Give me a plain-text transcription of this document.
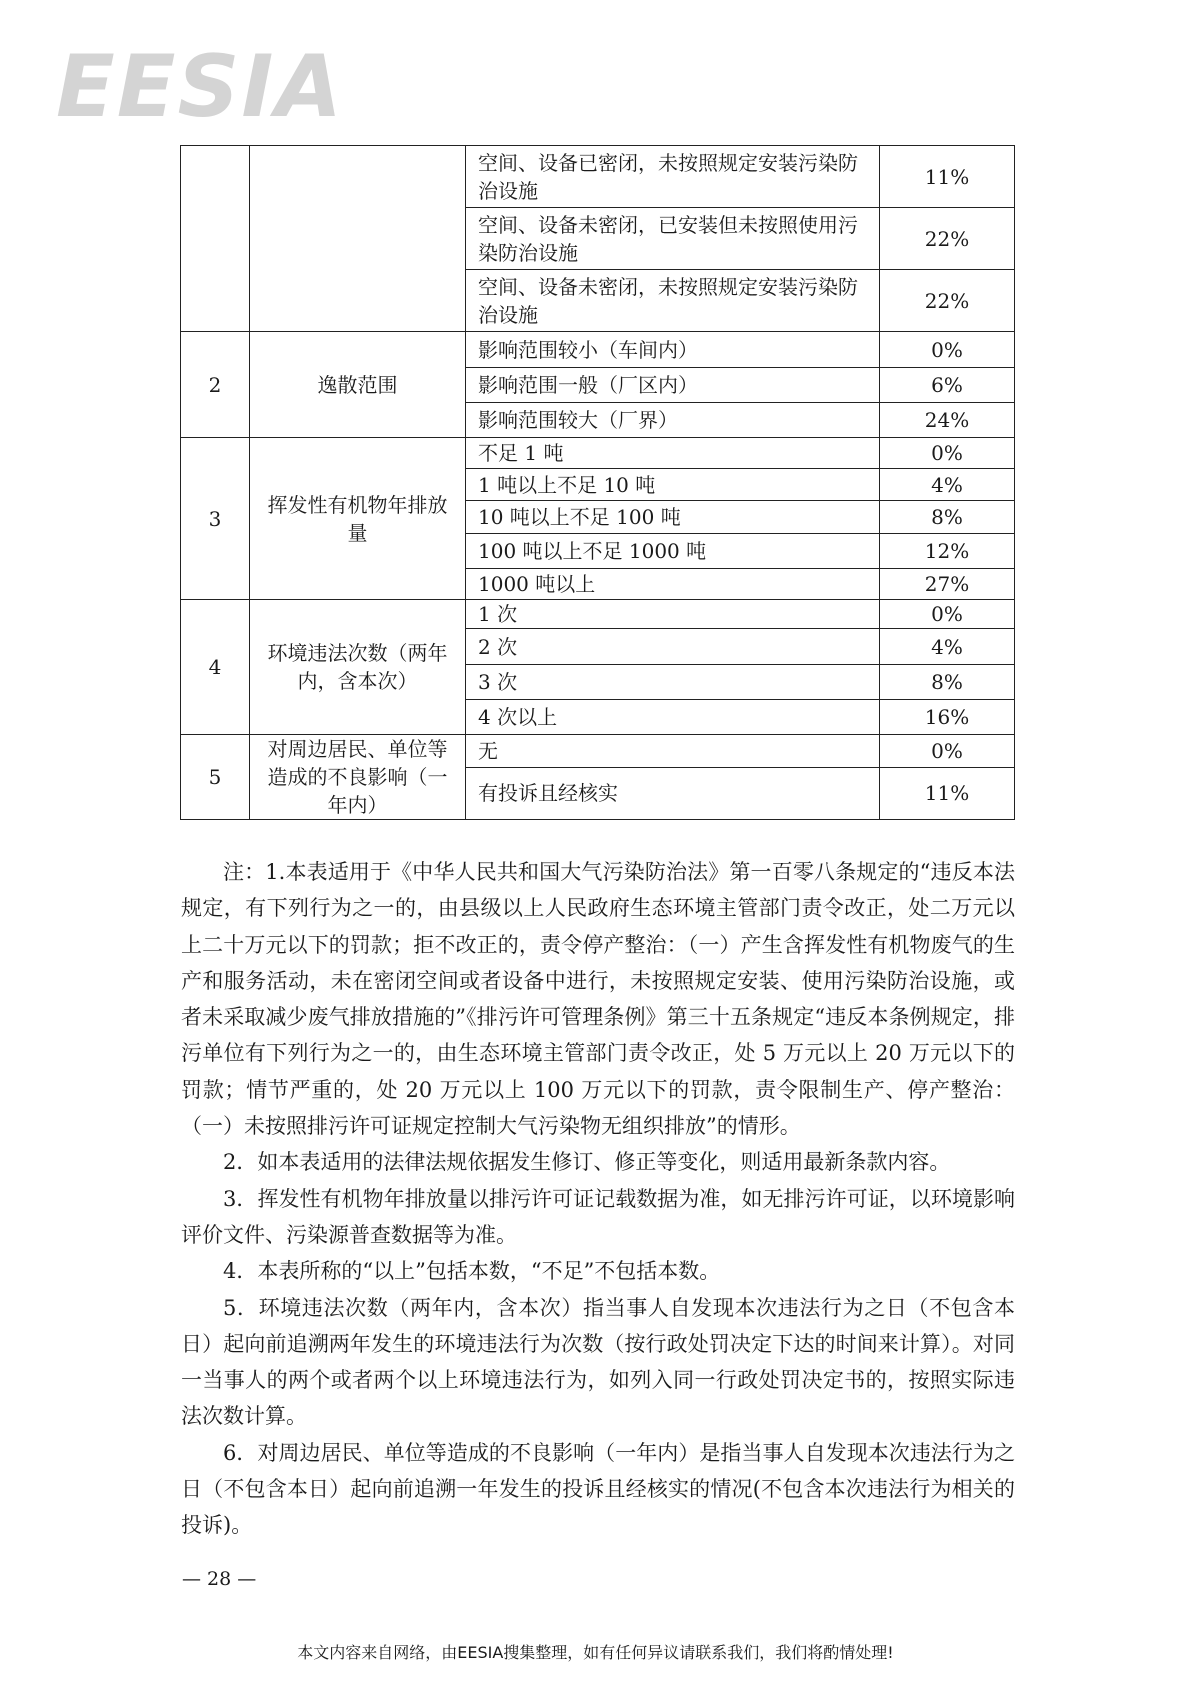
EESIA
		空间、设备已密闭，未按照规定安装污染防治设施	11%
		空间、设备未密闭，已安装但未按照使用污染防治设施	22%
		空间、设备未密闭，未按照规定安装污染防治设施	22%
2	逸散范围	影响范围较小（车间内）	0%
		影响范围一般（厂区内）	6%
		影响范围较大（厂界）	24%
3	挥发性有机物年排放量	不足 1 吨	0%
		1 吨以上不足 10 吨	4%
		10 吨以上不足 100 吨	8%
		100 吨以上不足 1000 吨	12%
		1000 吨以上	27%
4	环境违法次数（两年内，含本次）	1 次	0%
		2 次	4%
		3 次	8%
		4 次以上	16%
5	对周边居民、单位等造成的不良影响（一年内）	无	0%
		有投诉且经核实	11%

注：1.本表适用于《中华人民共和国大气污染防治法》第一百零八条规定的“违反本法规定，有下列行为之一的，由县级以上人民政府生态环境主管部门责令改正，处二万元以上二十万元以下的罚款；拒不改正的，责令停产整治：（一）产生含挥发性有机物废气的生产和服务活动，未在密闭空间或者设备中进行，未按照规定安装、使用污染防治设施，或者未采取减少废气排放措施的”《排污许可管理条例》第三十五条规定“违反本条例规定，排污单位有下列行为之一的，由生态环境主管部门责令改正，处 5 万元以上 20 万元以下的罚款；情节严重的，处 20 万元以上 100 万元以下的罚款，责令限制生产、停产整治：（一）未按照排污许可证规定控制大气污染物无组织排放”的情形。

2．如本表适用的法律法规依据发生修订、修正等变化，则适用最新条款内容。

3．挥发性有机物年排放量以排污许可证记载数据为准，如无排污许可证，以环境影响评价文件、污染源普查数据等为准。

4．本表所称的“以上”包括本数，“不足”不包括本数。

5．环境违法次数（两年内，含本次）指当事人自发现本次违法行为之日（不包含本日）起向前追溯两年发生的环境违法行为次数（按行政处罚决定下达的时间来计算）。对同一当事人的两个或者两个以上环境违法行为，如列入同一行政处罚决定书的，按照实际违法次数计算。

6．对周边居民、单位等造成的不良影响（一年内）是指当事人自发现本次违法行为之日（不包含本日）起向前追溯一年发生的投诉且经核实的情况(不包含本次违法行为相关的投诉)。

— 28 —
本文内容来自网络，由EESIA搜集整理，如有任何异议请联系我们，我们将酌情处理!
